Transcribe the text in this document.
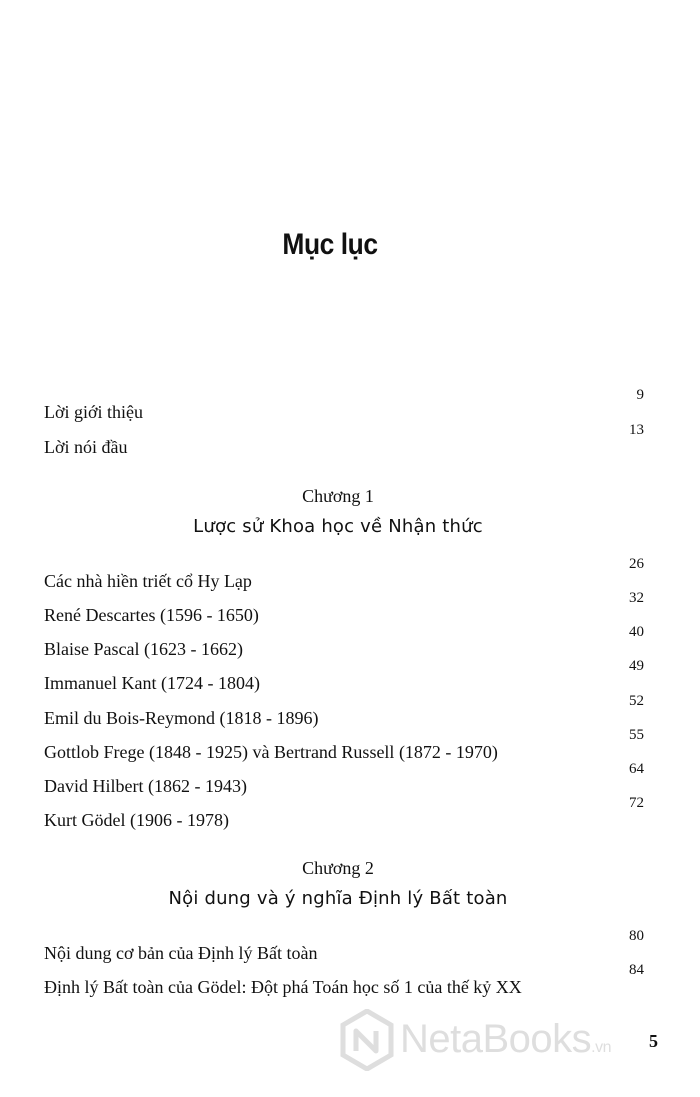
Mục lục
Lời giới thiệu
9
Lời nói đầu
13
Chương 1
Lược sử Khoa học về Nhận thức
Các nhà hiền triết cổ Hy Lạp
26
René Descartes (1596 - 1650)
32
Blaise Pascal (1623 - 1662)
40
Immanuel Kant (1724 - 1804)
49
Emil du Bois-Reymond (1818 - 1896)
52
Gottlob Frege (1848 - 1925) và Bertrand Russell (1872 - 1970)
55
David Hilbert (1862 - 1943)
64
Kurt Gödel (1906 - 1978)
72
Chương 2
Nội dung và ý nghĩa Định lý Bất toàn
Nội dung cơ bản của Định lý Bất toàn
80
Định lý Bất toàn của Gödel: Đột phá Toán học số 1 của thế kỷ XX
84
NetaBooks.vn 5
